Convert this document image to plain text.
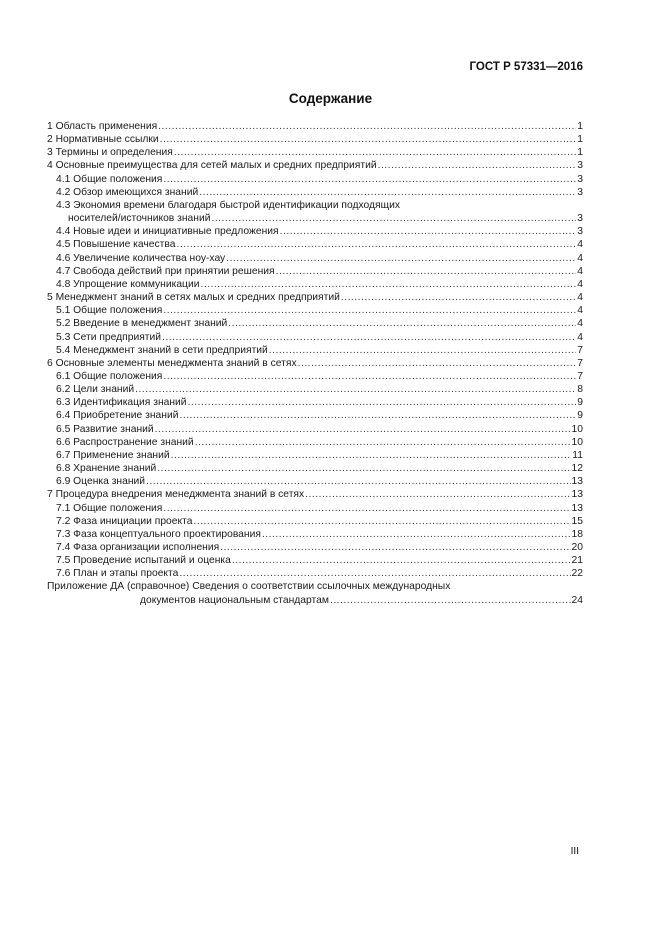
ГОСТ Р 57331—2016
Содержание
1 Область применения .....	1
2 Нормативные ссылки .....	1
3 Термины и определения .....	1
4 Основные преимущества для сетей малых и средних предприятий .....	3
4.1 Общие положения .....	3
4.2 Обзор имеющихся знаний .....	3
4.3 Экономия времени благодаря быстрой идентификации подходящих
носителей/источников знаний .....	3
4.4 Новые идеи и инициативные предложения .....	3
4.5 Повышение качества .....	4
4.6 Увеличение количества ноу-хау .....	4
4.7 Свобода действий при принятии решения .....	4
4.8 Упрощение коммуникации .....	4
5 Менеджмент знаний в сетях малых и средних предприятий .....	4
5.1 Общие положения .....	4
5.2 Введение в менеджмент знаний .....	4
5.3 Сети предприятий .....	4
5.4 Менеджмент знаний в сети предприятий .....	7
6 Основные элементы менеджмента знаний в сетях .....	7
6.1 Общие положения .....	7
6.2 Цели знаний .....	8
6.3 Идентификация знаний .....	9
6.4 Приобретение знаний .....	9
6.5 Развитие знаний .....	10
6.6 Распространение знаний .....	10
6.7 Применение знаний .....	11
6.8 Хранение знаний .....	12
6.9 Оценка знаний .....	13
7 Процедура внедрения менеджмента знаний в сетях .....	13
7.1 Общие положения .....	13
7.2 Фаза инициации проекта .....	15
7.3 Фаза концептуального проектирования .....	18
7.4 Фаза организации исполнения .....	20
7.5 Проведение испытаний и оценка .....	21
7.6 План и этапы проекта .....	22
Приложение ДА (справочное) Сведения о соответствии ссылочных международных
документов национальным стандартам .....	24
III
